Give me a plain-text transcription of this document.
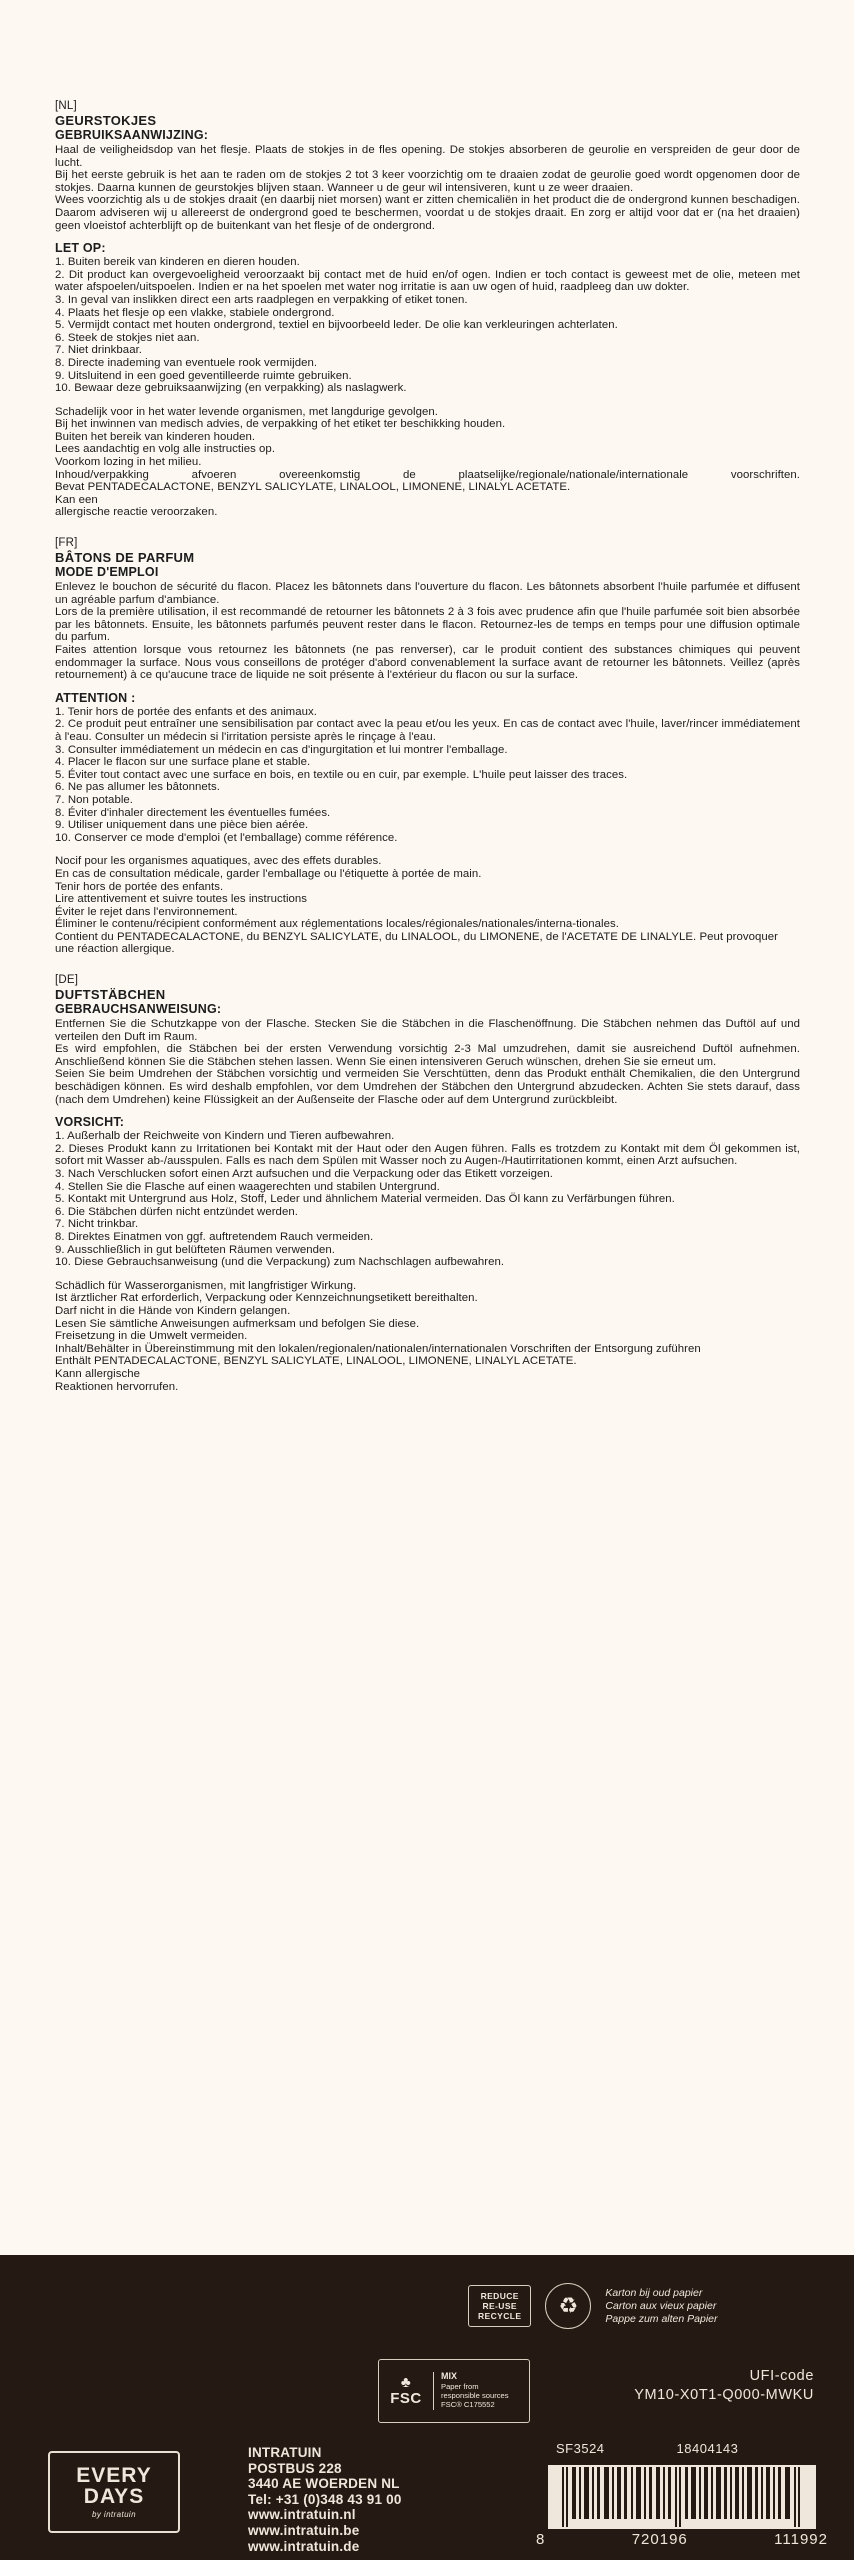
[NL]
GEURSTOKJES
GEBRUIKSAANWIJZING:

Haal de veiligheidsdop van het flesje. Plaats de stokjes in de fles opening. De stokjes absorberen de geurolie en verspreiden de geur door de lucht.

Bij het eerste gebruik is het aan te raden om de stokjes 2 tot 3 keer voorzichtig om te draaien zodat de geurolie goed wordt opgenomen door de stokjes. Daarna kunnen de geurstokjes blijven staan. Wanneer u de geur wil intensiveren, kunt u ze weer draaien.

Wees voorzichtig als u de stokjes draait (en daarbij niet morsen) want er zitten chemicaliën in het product die de ondergrond kunnen beschadigen. Daarom adviseren wij u allereerst de ondergrond goed te beschermen, voordat u de stokjes draait. En zorg er altijd voor dat er (na het draaien) geen vloeistof achterblijft op de buitenkant van het flesje of de ondergrond.

LET OP:

1. Buiten bereik van kinderen en dieren houden.

2. Dit product kan overgevoeligheid veroorzaakt bij contact met de huid en/of ogen. Indien er toch contact is geweest met de olie, meteen met water afspoelen/uitspoelen. Indien er na het spoelen met water nog irritatie is aan uw ogen of huid, raadpleeg dan uw dokter.

3. In geval van inslikken direct een arts raadplegen en verpakking of etiket tonen.

4. Plaats het flesje op een vlakke, stabiele ondergrond.

5. Vermijdt contact met houten ondergrond, textiel en bijvoorbeeld leder. De olie kan verkleuringen achterlaten.

6. Steek de stokjes niet aan.

7. Niet drinkbaar.

8. Directe inademing van eventuele rook vermijden.

9. Uitsluitend in een goed geventilleerde ruimte gebruiken.

10. Bewaar deze gebruiksaanwijzing (en verpakking) als naslagwerk.

Schadelijk voor in het water levende organismen, met langdurige gevolgen.

Bij het inwinnen van medisch advies, de verpakking of het etiket ter beschikking houden.

Buiten het bereik van kinderen houden.

Lees aandachtig en volg alle instructies op.

Voorkom lozing in het milieu.

Inhoud/verpakking afvoeren overeenkomstig de plaatselijke/regionale/nationale/internationale voorschriften.

Bevat PENTADECALACTONE, BENZYL SALICYLATE, LINALOOL, LIMONENE, LINALYL ACETATE.

Kan een

allergische reactie veroorzaken.

[FR]
BÂTONS DE PARFUM
MODE D'EMPLOI

Enlevez le bouchon de sécurité du flacon. Placez les bâtonnets dans l'ouverture du flacon. Les bâtonnets absorbent l'huile parfumée et diffusent un agréable parfum d'ambiance.

Lors de la première utilisation, il est recommandé de retourner les bâtonnets 2 à 3 fois avec prudence afin que l'huile parfumée soit bien absorbée par les bâtonnets. Ensuite, les bâtonnets parfumés peuvent rester dans le flacon. Retournez-les de temps en temps pour une diffusion optimale du parfum.

Faites attention lorsque vous retournez les bâtonnets (ne pas renverser), car le produit contient des substances chimiques qui peuvent endommager la surface. Nous vous conseillons de protéger d'abord convenablement la surface avant de retourner les bâtonnets. Veillez (après retournement) à ce qu'aucune trace de liquide ne soit présente à l'extérieur du flacon ou sur la surface.

ATTENTION :

1. Tenir hors de portée des enfants et des animaux.

2. Ce produit peut entraîner une sensibilisation par contact avec la peau et/ou les yeux. En cas de contact avec l'huile, laver/rincer immédiatement à l'eau. Consulter un médecin si l'irritation persiste après le rinçage à l'eau.

3. Consulter immédiatement un médecin en cas d'ingurgitation et lui montrer l'emballage.

4. Placer le flacon sur une surface plane et stable.

5. Éviter tout contact avec une surface en bois, en textile ou en cuir, par exemple. L'huile peut laisser des traces.

6. Ne pas allumer les bâtonnets.

7. Non potable.

8. Éviter d'inhaler directement les éventuelles fumées.

9. Utiliser uniquement dans une pièce bien aérée.

10. Conserver ce mode d'emploi (et l'emballage) comme référence.

Nocif pour les organismes aquatiques, avec des effets durables.

En cas de consultation médicale, garder l'emballage ou l'étiquette à portée de main.

Tenir hors de portée des enfants.

Lire attentivement et suivre toutes les instructions

Éviter le rejet dans l'environnement.

Éliminer le contenu/récipient conformément aux réglementations locales/régionales/nationales/interna-tionales.

Contient du PENTADECALACTONE, du BENZYL SALICYLATE, du LINALOOL, du LIMONENE, de l'ACETATE DE LINALYLE. Peut provoquer une réaction allergique.

[DE]
DUFTSTÄBCHEN
GEBRAUCHSANWEISUNG:

Entfernen Sie die Schutzkappe von der Flasche. Stecken Sie die Stäbchen in die Flaschenöffnung. Die Stäbchen nehmen das Duftöl auf und verteilen den Duft im Raum.

Es wird empfohlen, die Stäbchen bei der ersten Verwendung vorsichtig 2-3 Mal umzudrehen, damit sie ausreichend Duftöl aufnehmen. Anschließend können Sie die Stäbchen stehen lassen. Wenn Sie einen intensiveren Geruch wünschen, drehen Sie sie erneut um.

Seien Sie beim Umdrehen der Stäbchen vorsichtig und vermeiden Sie Verschtütten, denn das Produkt enthält Chemikalien, die den Untergrund beschädigen können. Es wird deshalb empfohlen, vor dem Umdrehen der Stäbchen den Untergrund abzudecken. Achten Sie stets darauf, dass (nach dem Umdrehen) keine Flüssigkeit an der Außenseite der Flasche oder auf dem Untergrund zurückbleibt.

VORSICHT:

1. Außerhalb der Reichweite von Kindern und Tieren aufbewahren.

2. Dieses Produkt kann zu Irritationen bei Kontakt mit der Haut oder den Augen führen. Falls es trotzdem zu Kontakt mit dem Öl gekommen ist, sofort mit Wasser ab-/ausspulen. Falls es nach dem Spülen mit Wasser noch zu Augen-/Hautirritationen kommt, einen Arzt aufsuchen.

3. Nach Verschlucken sofort einen Arzt aufsuchen und die Verpackung oder das Etikett vorzeigen.

4. Stellen Sie die Flasche auf einen waagerechten und stabilen Untergrund.

5. Kontakt mit Untergrund aus Holz, Stoff, Leder und ähnlichem Material vermeiden. Das Öl kann zu Verfärbungen führen.

6. Die Stäbchen dürfen nicht entzündet werden.

7. Nicht trinkbar.

8. Direktes Einatmen von ggf. auftretendem Rauch vermeiden.

9. Ausschließlich in gut belüfteten Räumen verwenden.

10. Diese Gebrauchsanweisung (und die Verpackung) zum Nachschlagen aufbewahren.

Schädlich für Wasserorganismen, mit langfristiger Wirkung.

Ist ärztlicher Rat erforderlich, Verpackung oder Kennzeichnungsetikett bereithalten.

Darf nicht in die Hände von Kindern gelangen.

Lesen Sie sämtliche Anweisungen aufmerksam und befolgen Sie diese.

Freisetzung in die Umwelt vermeiden.

Inhalt/Behälter in Übereinstimmung mit den lokalen/regionalen/nationalen/internationalen Vorschriften der Entsorgung zuführen

Enthält PENTADECALACTONE, BENZYL SALICYLATE, LINALOOL, LIMONENE, LINALYL ACETATE.

Kann allergische

Reaktionen hervorrufen.

REDUCE
RE-USE
RECYCLE	♻
Karton bij oud papier
Carton aux vieux papier
Pappe zum alten Papier
♣
FSC
MIX
Paper from
responsible sources
FSC® C175552
UFI-code
YM10-X0T1-Q000-MWKU
SF3524	18404143
8	720196	111992
EVERY
DAYS
by intratuin
INTRATUIN
POSTBUS 228
3440 AE WOERDEN NL
Tel: +31 (0)348 43 91 00
www.intratuin.nl
www.intratuin.be
www.intratuin.de
